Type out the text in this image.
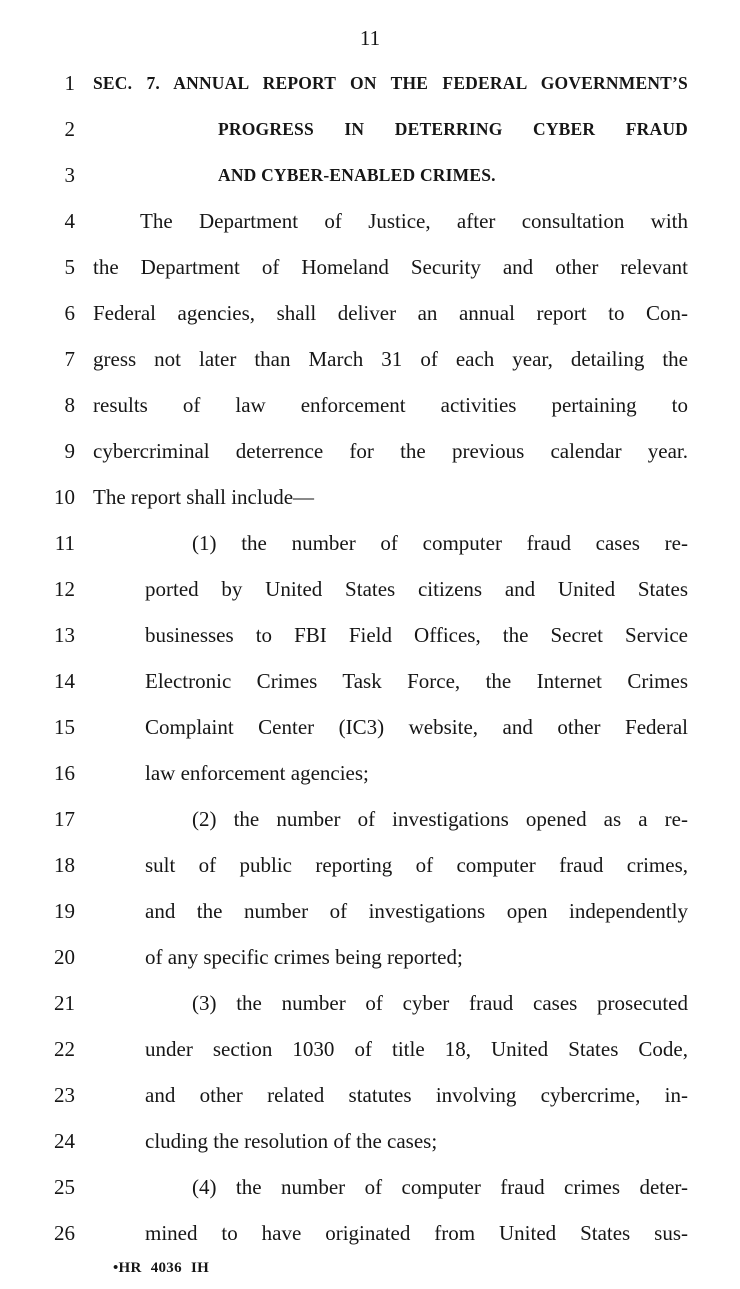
11
1 SEC. 7. ANNUAL REPORT ON THE FEDERAL GOVERNMENT’S
2	PROGRESS IN DETERRING CYBER FRAUD
3	AND CYBER-ENABLED CRIMES.
4	The Department of Justice, after consultation with
5 the Department of Homeland Security and other relevant
6 Federal agencies, shall deliver an annual report to Con-
7 gress not later than March 31 of each year, detailing the
8 results of law enforcement activities pertaining to
9 cybercriminal deterrence for the previous calendar year.
10 The report shall include—
11	(1) the number of computer fraud cases re-
12	ported by United States citizens and United States
13	businesses to FBI Field Offices, the Secret Service
14	Electronic Crimes Task Force, the Internet Crimes
15	Complaint Center (IC3) website, and other Federal
16	law enforcement agencies;
17	(2) the number of investigations opened as a re-
18	sult of public reporting of computer fraud crimes,
19	and the number of investigations open independently
20	of any specific crimes being reported;
21	(3) the number of cyber fraud cases prosecuted
22	under section 1030 of title 18, United States Code,
23	and other related statutes involving cybercrime, in-
24	cluding the resolution of the cases;
25	(4) the number of computer fraud crimes deter-
26	mined to have originated from United States sus-
•HR 4036 IH
